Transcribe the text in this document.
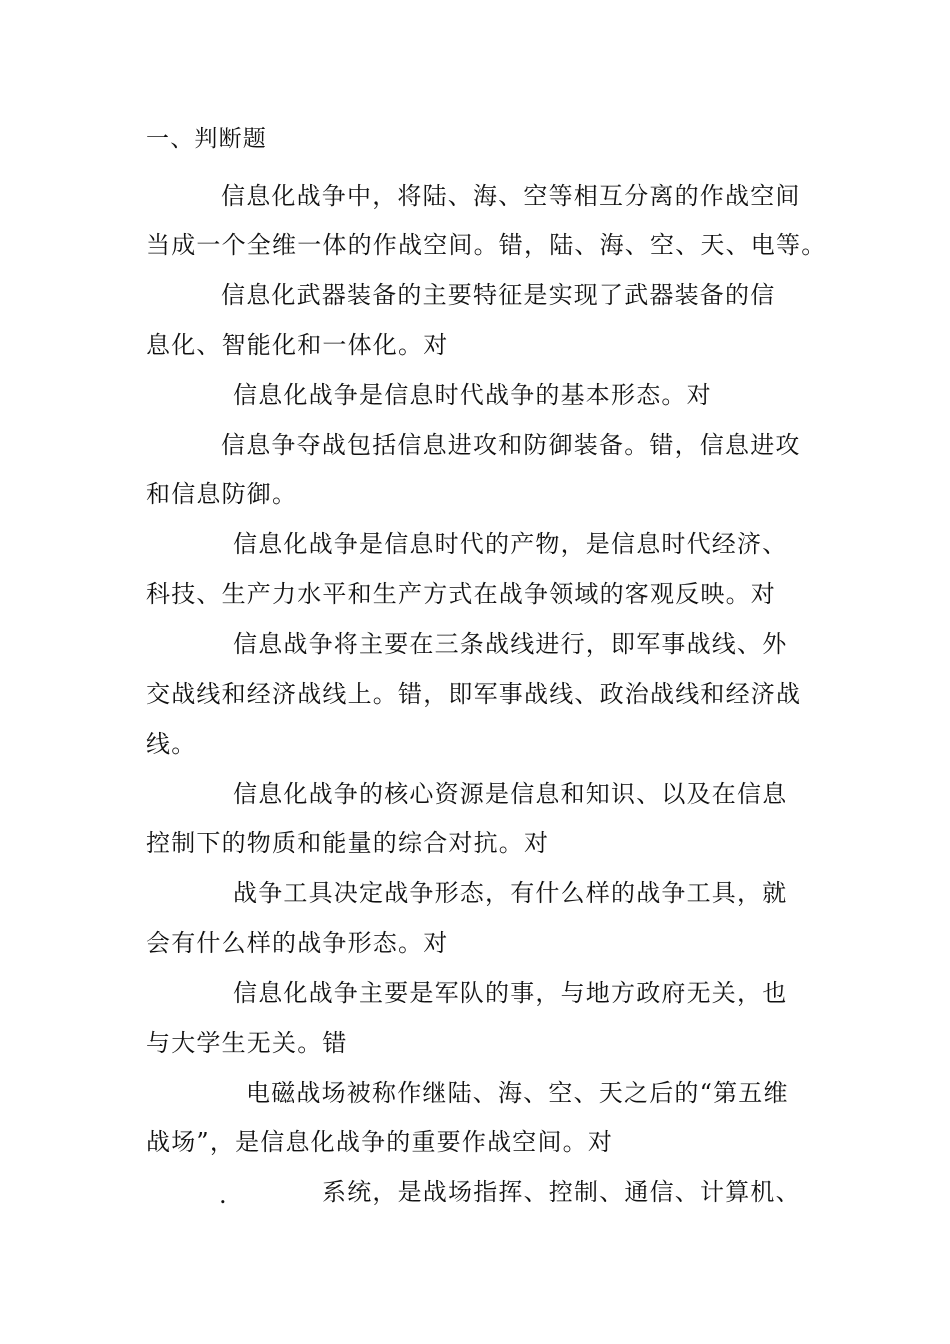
一、判断题
信息化战争中，将陆、海、空等相互分离的作战空间
当成一个全维一体的作战空间。错，陆、海、空、天、电等。
信息化武器装备的主要特征是实现了武器装备的信
息化、智能化和一体化。对
信息化战争是信息时代战争的基本形态。对
信息争夺战包括信息进攻和防御装备。错，信息进攻
和信息防御。
信息化战争是信息时代的产物，是信息时代经济、
科技、生产力水平和生产方式在战争领域的客观反映。对
信息战争将主要在三条战线进行，即军事战线、外
交战线和经济战线上。错，即军事战线、政治战线和经济战
线。
信息化战争的核心资源是信息和知识、以及在信息
控制下的物质和能量的综合对抗。对
战争工具决定战争形态，有什么样的战争工具，就
会有什么样的战争形态。对
信息化战争主要是军队的事，与地方政府无关，也
与大学生无关。错
电磁战场被称作继陆、海、空、天之后的“第五维
战场”，是信息化战争的重要作战空间。对
.	系统，是战场指挥、控制、通信、计算机、
